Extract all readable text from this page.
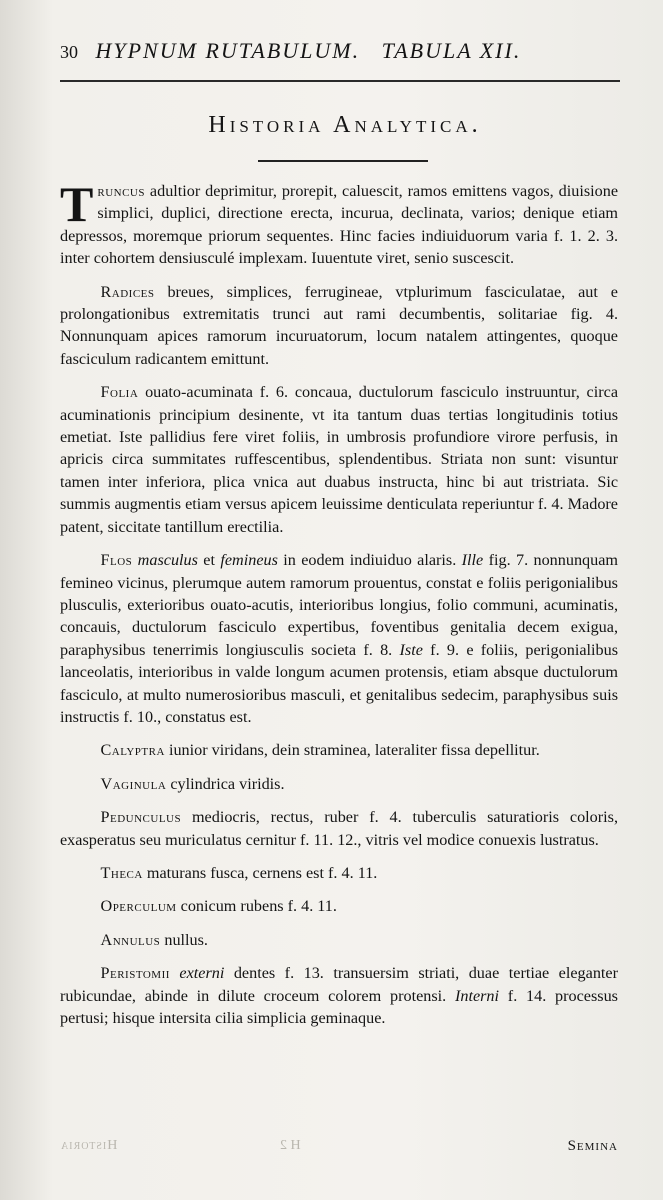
30 HYPNUM RUTABULUM. TABULA XII.
Historia Analytica.

Truncus adultior deprimitur, prorepit, caluescit, ramos emittens vagos, diuisione simplici, duplici, directione erecta, incurua, declinata, varios; denique etiam depressos, moremque priorum sequentes. Hinc facies indiuiduorum varia f. 1. 2. 3. inter cohortem densiusculé implexam. Iuuentute viret, senio suscescit.

Radices breues, simplices, ferrugineae, vtplurimum fasciculatae, aut e prolongationibus extremitatis trunci aut rami decumbentis, solitariae fig. 4. Nonnunquam apices ramorum incuruatorum, locum natalem attingentes, quoque fasciculum radicantem emittunt.

Folia ouato-acuminata f. 6. concaua, ductulorum fasciculo instruuntur, circa acuminationis principium desinente, vt ita tantum duas tertias longitudinis totius emetiat. Iste pallidius fere viret foliis, in umbrosis profundiore virore perfusis, in apricis circa summitates ruffescentibus, splendentibus. Striata non sunt: visuntur tamen inter inferiora, plica vnica aut duabus instructa, hinc bi aut tristriata. Sic summis augmentis etiam versus apicem leuissime denticulata reperiuntur f. 4. Madore patent, siccitate tantillum erectilia.

Flos masculus et femineus in eodem indiuiduo alaris. Ille fig. 7. nonnunquam femineo vicinus, plerumque autem ramorum prouentus, constat e foliis perigonialibus plusculis, exterioribus ouato-acutis, interioribus longius, folio communi, acuminatis, concauis, ductulorum fasciculo expertibus, foventibus genitalia decem exigua, paraphysibus tenerrimis longiusculis societa f. 8. Iste f. 9. e foliis, perigonialibus lanceolatis, interioribus in valde longum acumen protensis, etiam absque ductulorum fasciculo, at multo numerosioribus masculi, et genitalibus sedecim, paraphysibus suis instructis f. 10., constatus est.

Calyptra iunior viridans, dein straminea, lateraliter fissa depellitur.

Vaginula cylindrica viridis.

Pedunculus mediocris, rectus, ruber f. 4. tuberculis saturatioris coloris, exasperatus seu muriculatus cernitur f. 11. 12., vitris vel modice conuexis lustratus.

Theca maturans fusca, cernens est f. 4. 11.

Operculum conicum rubens f. 4. 11.

Annulus nullus.

Peristomii externi dentes f. 13. transuersim striati, duae tertiae eleganter rubicundae, abinde in dilute croceum colorem protensi. Interni f. 14. processus pertusi; hisque intersita cilia simplicia geminaque.

Historia	H 2	Semina
